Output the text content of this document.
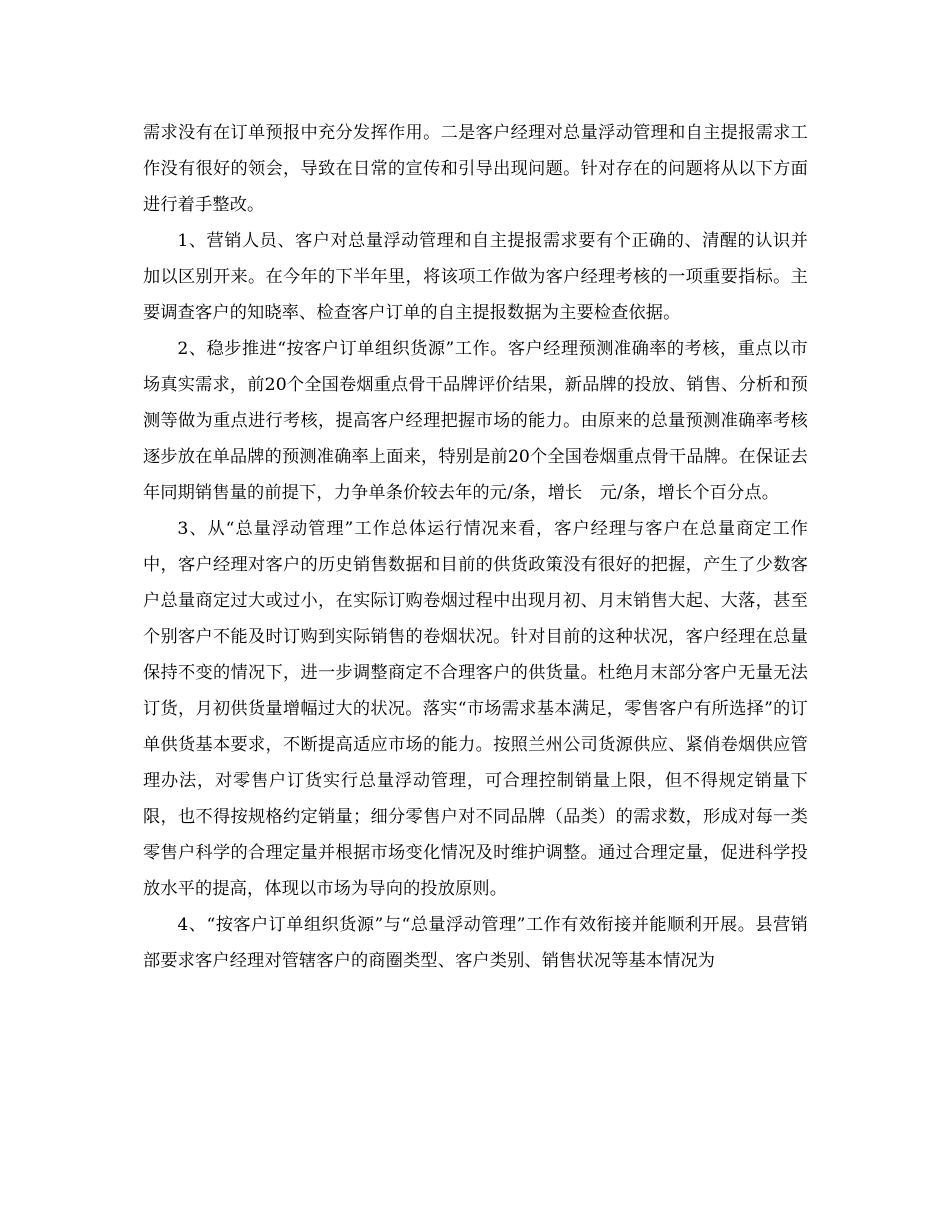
需求没有在订单预报中充分发挥作用。二是客户经理对总量浮动管理和自主提报需求工作没有很好的领会，导致在日常的宣传和引导出现问题。针对存在的问题将从以下方面进行着手整改。

1、营销人员、客户对总量浮动管理和自主提报需求要有个正确的、清醒的认识并加以区别开来。在今年的下半年里，将该项工作做为客户经理考核的一项重要指标。主要调查客户的知晓率、检查客户订单的自主提报数据为主要检查依据。

2、稳步推进“按客户订单组织货源”工作。客户经理预测准确率的考核，重点以市场真实需求，前20个全国卷烟重点骨干品牌评价结果，新品牌的投放、销售、分析和预测等做为重点进行考核，提高客户经理把握市场的能力。由原来的总量预测准确率考核逐步放在单品牌的预测准确率上面来，特别是前20个全国卷烟重点骨干品牌。在保证去年同期销售量的前提下，力争单条价较去年的元/条，增长　元/条，增长个百分点。

3、从“总量浮动管理”工作总体运行情况来看，客户经理与客户在总量商定工作中，客户经理对客户的历史销售数据和目前的供货政策没有很好的把握，产生了少数客户总量商定过大或过小，在实际订购卷烟过程中出现月初、月末销售大起、大落，甚至个别客户不能及时订购到实际销售的卷烟状况。针对目前的这种状况，客户经理在总量保持不变的情况下，进一步调整商定不合理客户的供货量。杜绝月末部分客户无量无法订货，月初供货量增幅过大的状况。落实“市场需求基本满足，零售客户有所选择”的订单供货基本要求，不断提高适应市场的能力。按照兰州公司货源供应、紧俏卷烟供应管理办法，对零售户订货实行总量浮动管理，可合理控制销量上限，但不得规定销量下限，也不得按规格约定销量；细分零售户对不同品牌（品类）的需求数，形成对每一类零售户科学的合理定量并根据市场变化情况及时维护调整。通过合理定量，促进科学投放水平的提高，体现以市场为导向的投放原则。

4、“按客户订单组织货源”与“总量浮动管理”工作有效衔接并能顺利开展。县营销部要求客户经理对管辖客户的商圈类型、客户类别、销售状况等基本情况为
